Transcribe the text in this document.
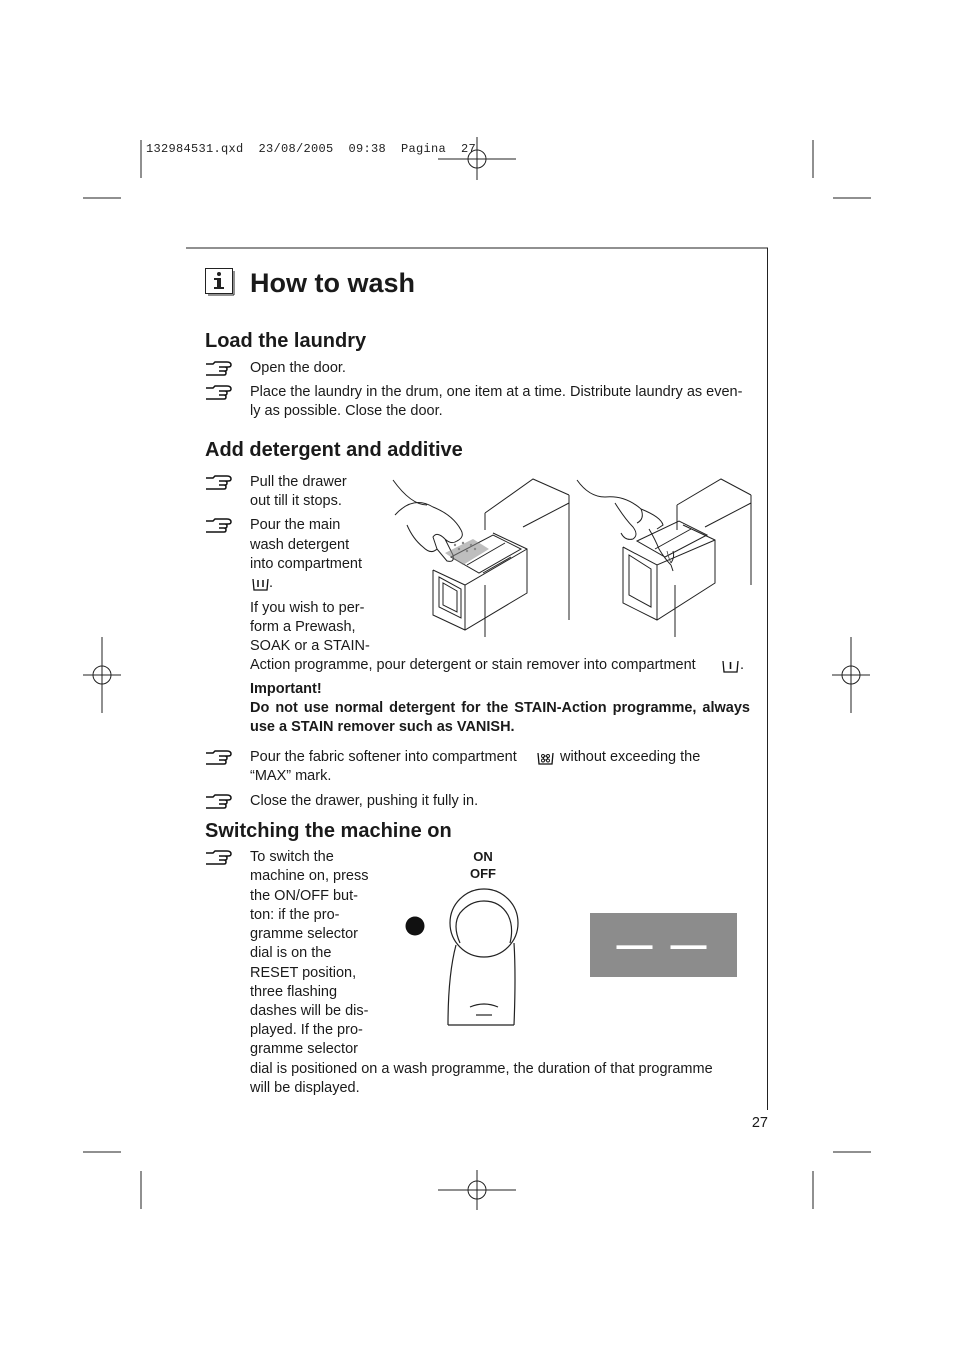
132984531.qxd  23/08/2005  09:38  Pagina  27
How to wash
Load the laundry
Open the door.
Place the laundry in the drum, one item at a time. Distribute laundry as even-
ly as possible. Close the door.
Add detergent and additive
Pull the drawer
out till it stops.
Pour the main
wash detergent
into compartment
.
If you wish to per-
form a Prewash,
SOAK or a STAIN-
Action programme, pour detergent or stain remover into compartment	.
Important!
Do not use normal detergent for the STAIN-Action programme, always
use a STAIN remover such as VANISH.
Pour the fabric softener into compartment	without exceeding the
“MAX” mark.
Close the drawer, pushing it fully in.
Switching the machine on
To switch the
machine on, press
the ON/OFF but-
ton: if the pro-
gramme selector
dial is on the
RESET position,
three flashing
dashes will be dis-
played. If the pro-
gramme selector
dial is positioned on a wash programme, the duration of that programme
will be displayed.
ON
OFF
— — —
27
